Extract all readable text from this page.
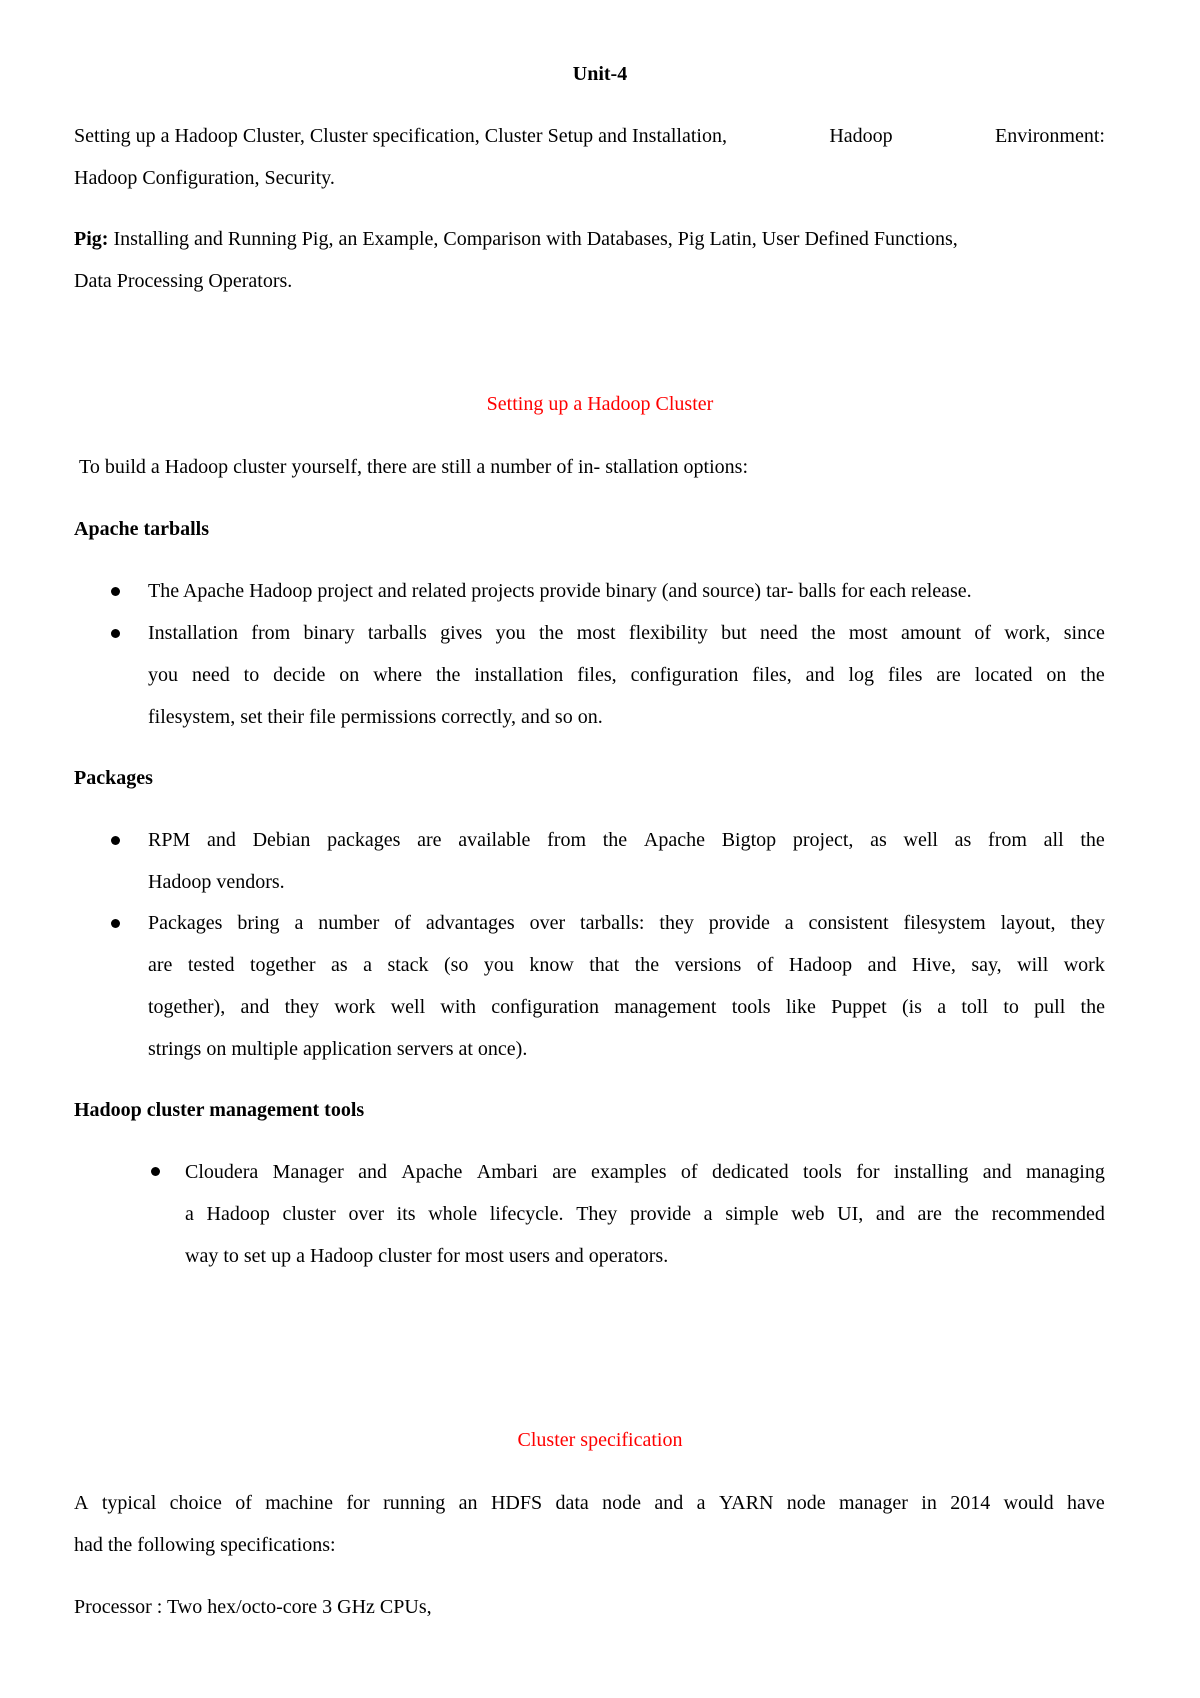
Unit-4
Setting up a Hadoop Cluster, Cluster specification, Cluster Setup and Installation,	Hadoop	Environment:
Hadoop Configuration, Security.
Pig: Installing and Running Pig, an Example, Comparison with Databases, Pig Latin, User Defined Functions,
Data Processing Operators.
Setting up a Hadoop Cluster
To build a Hadoop cluster yourself, there are still a number of in- stallation options:
Apache tarballs
The Apache Hadoop project and related projects provide binary (and source) tar- balls for each release.
Installation from binary tarballs gives you the most flexibility but need the most amount of work, since
you need to decide on where the installation files, configuration files, and log files are located on the
filesystem, set their file permissions correctly, and so on.
Packages
RPM and Debian packages are available from the Apache Bigtop project, as well as from all the
Hadoop vendors.
Packages bring a number of advantages over tarballs: they provide a consistent filesystem layout, they
are tested together as a stack (so you know that the versions of Hadoop and Hive, say, will work
together), and they work well with configuration management tools like Puppet (is a toll to pull the
strings on multiple application servers at once).
Hadoop cluster management tools
Cloudera Manager and Apache Ambari are examples of dedicated tools for installing and managing
a Hadoop cluster over its whole lifecycle. They provide a simple web UI, and are the recommended
way to set up a Hadoop cluster for most users and operators.
Cluster specification
A typical choice of machine for running an HDFS data node and a YARN node manager in 2014 would have
had the following specifications:
Processor : Two hex/octo-core 3 GHz CPUs,
